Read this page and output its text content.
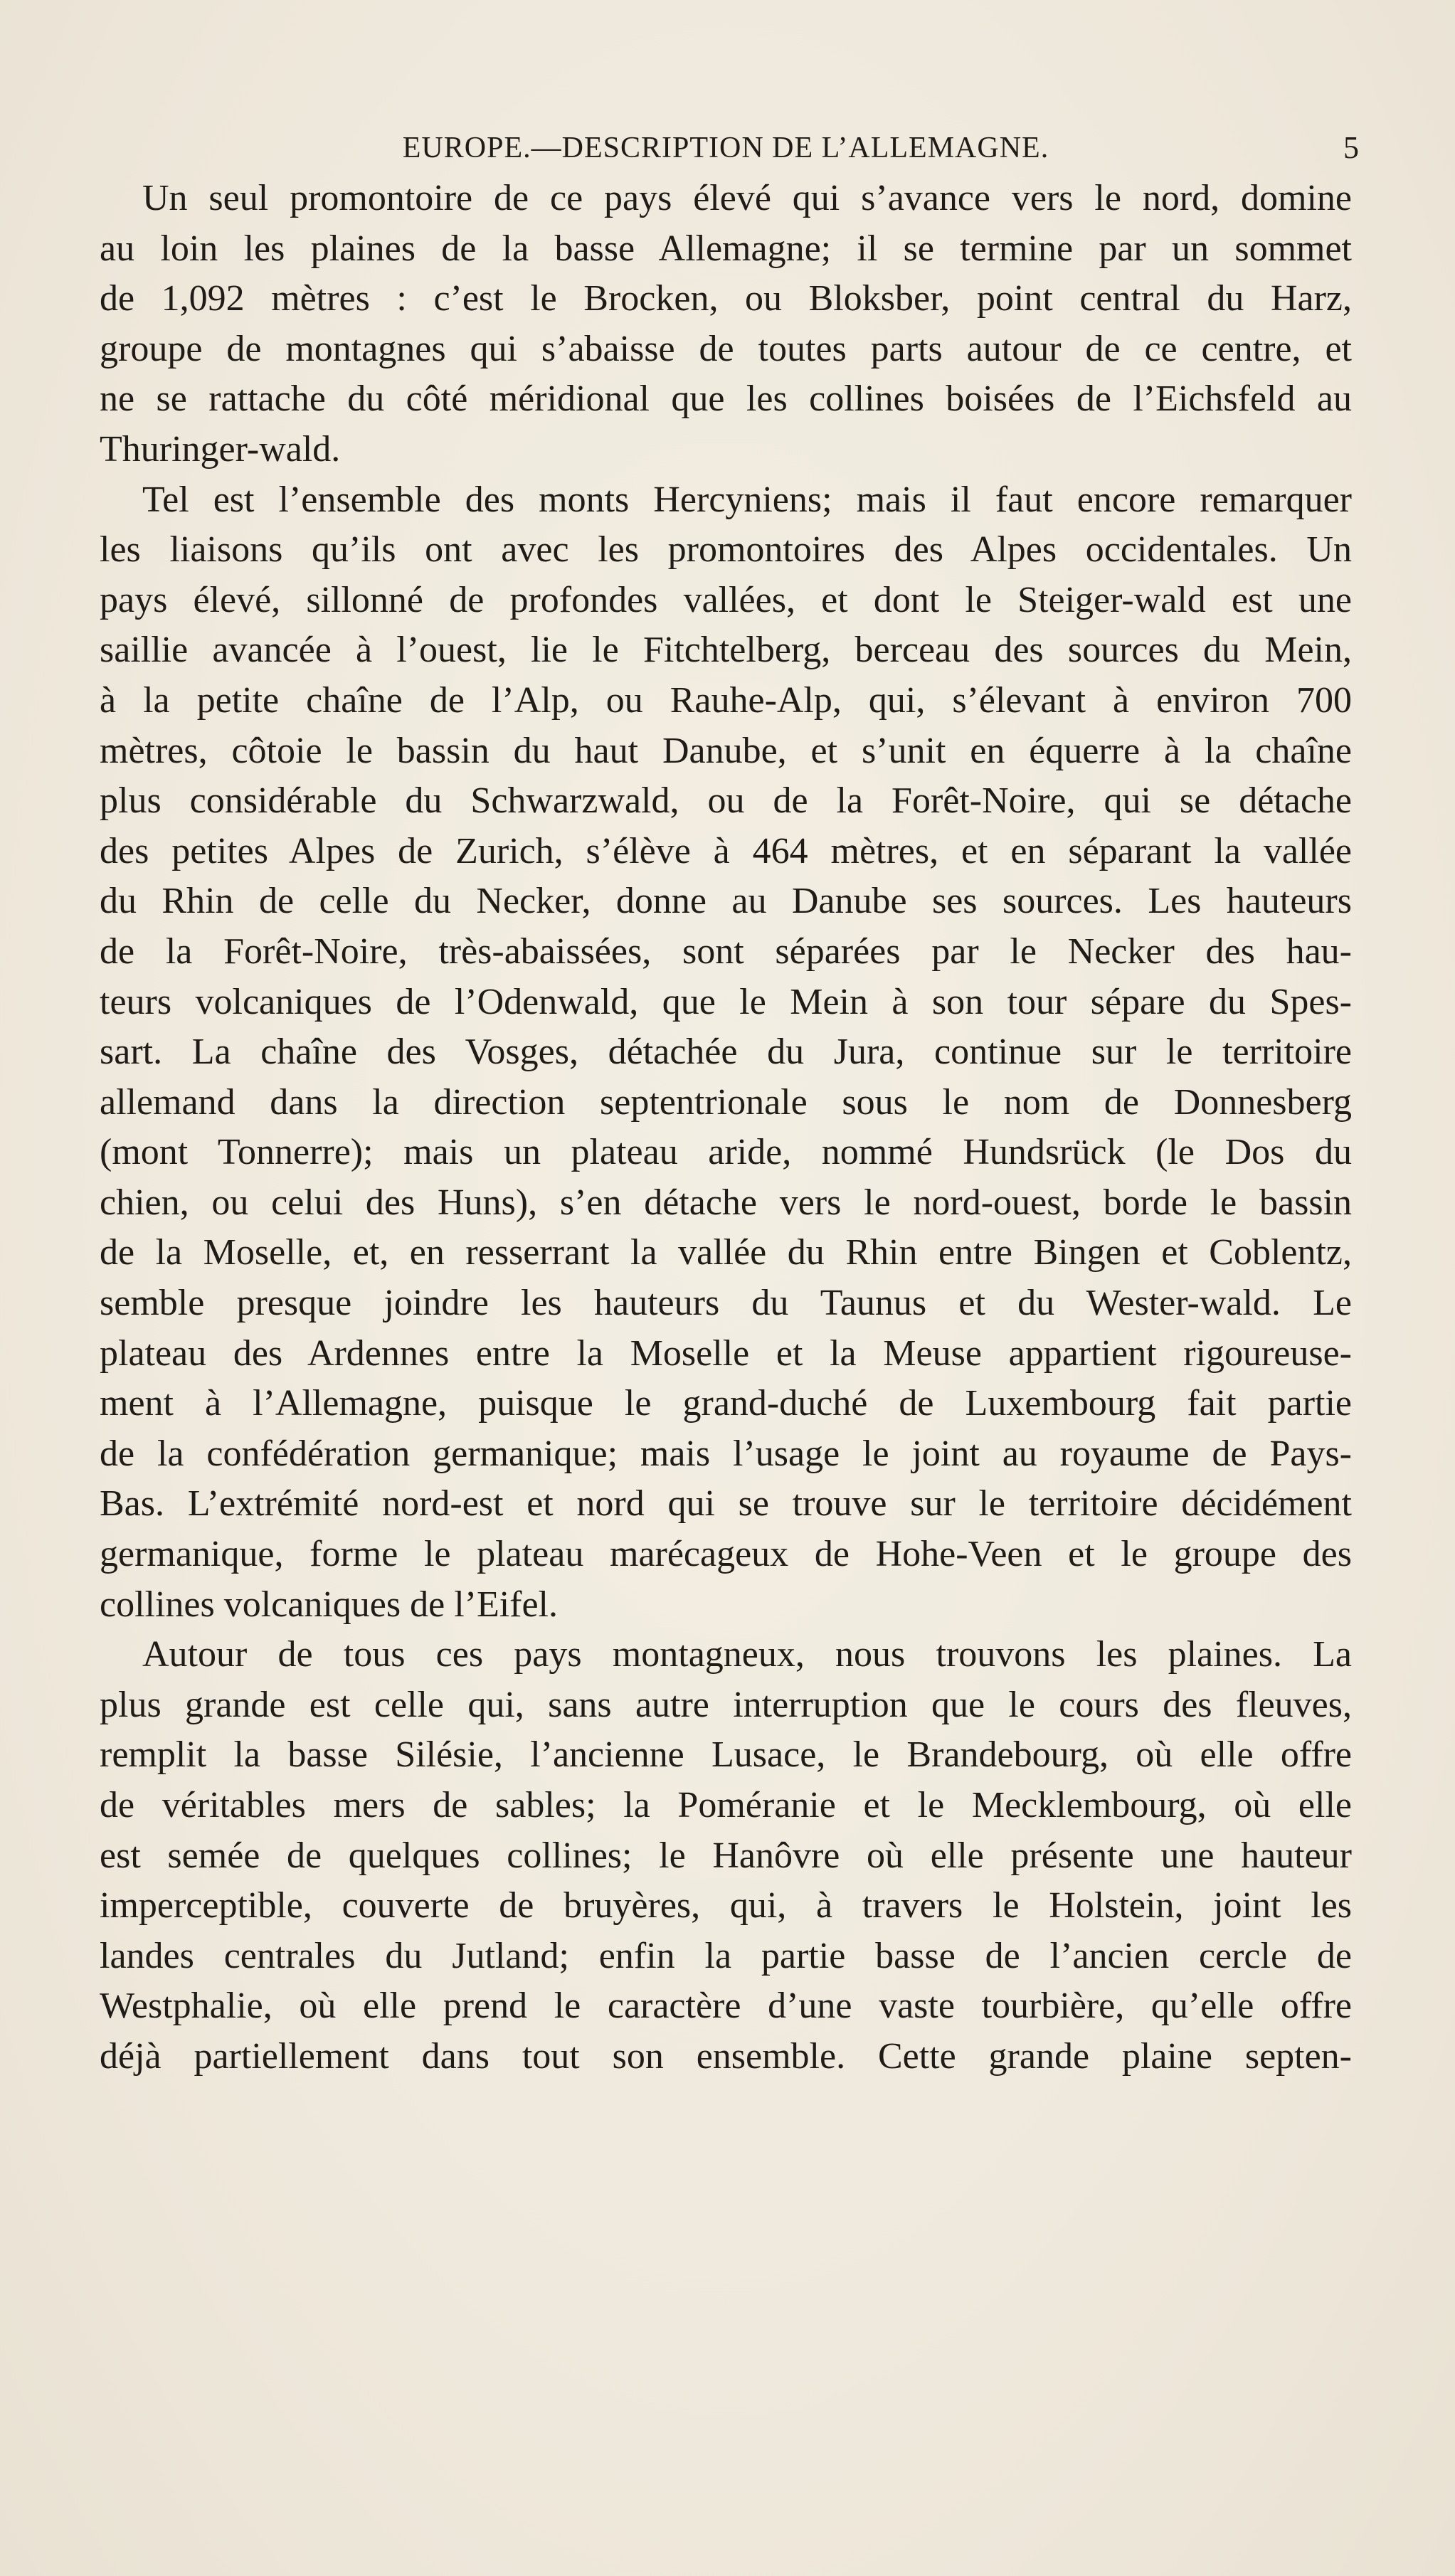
EUROPE.—DESCRIPTION DE L’ALLEMAGNE.	5
Un seul promontoire de ce pays élevé qui s’avance vers le nord, domine
au loin les plaines de la basse Allemagne; il se termine par un sommet
de 1,092 mètres : c’est le Brocken, ou Bloksber, point central du Harz,
groupe de montagnes qui s’abaisse de toutes parts autour de ce centre, et
ne se rattache du côté méridional que les collines boisées de l’Eichsfeld au
Thuringer-wald.
Tel est l’ensemble des monts Hercyniens; mais il faut encore remarquer
les liaisons qu’ils ont avec les promontoires des Alpes occidentales. Un
pays élevé, sillonné de profondes vallées, et dont le Steiger-wald est une
saillie avancée à l’ouest, lie le Fitchtelberg, berceau des sources du Mein,
à la petite chaîne de l’Alp, ou Rauhe-Alp, qui, s’élevant à environ 700
mètres, côtoie le bassin du haut Danube, et s’unit en équerre à la chaîne
plus considérable du Schwarzwald, ou de la Forêt-Noire, qui se détache
des petites Alpes de Zurich, s’élève à 464 mètres, et en séparant la vallée
du Rhin de celle du Necker, donne au Danube ses sources. Les hauteurs
de la Forêt-Noire, très-abaissées, sont séparées par le Necker des hau-
teurs volcaniques de l’Odenwald, que le Mein à son tour sépare du Spes-
sart. La chaîne des Vosges, détachée du Jura, continue sur le territoire
allemand dans la direction septentrionale sous le nom de Donnesberg
(mont Tonnerre); mais un plateau aride, nommé Hundsrück (le Dos du
chien, ou celui des Huns), s’en détache vers le nord-ouest, borde le bassin
de la Moselle, et, en resserrant la vallée du Rhin entre Bingen et Coblentz,
semble presque joindre les hauteurs du Taunus et du Wester-wald. Le
plateau des Ardennes entre la Moselle et la Meuse appartient rigoureuse-
ment à l’Allemagne, puisque le grand-duché de Luxembourg fait partie
de la confédération germanique; mais l’usage le joint au royaume de Pays-
Bas. L’extrémité nord-est et nord qui se trouve sur le territoire décidément
germanique, forme le plateau marécageux de Hohe-Veen et le groupe des
collines volcaniques de l’Eifel.
Autour de tous ces pays montagneux, nous trouvons les plaines. La
plus grande est celle qui, sans autre interruption que le cours des fleuves,
remplit la basse Silésie, l’ancienne Lusace, le Brandebourg, où elle offre
de véritables mers de sables; la Poméranie et le Mecklembourg, où elle
est semée de quelques collines; le Hanôvre où elle présente une hauteur
imperceptible, couverte de bruyères, qui, à travers le Holstein, joint les
landes centrales du Jutland; enfin la partie basse de l’ancien cercle de
Westphalie, où elle prend le caractère d’une vaste tourbière, qu’elle offre
déjà partiellement dans tout son ensemble. Cette grande plaine septen-
